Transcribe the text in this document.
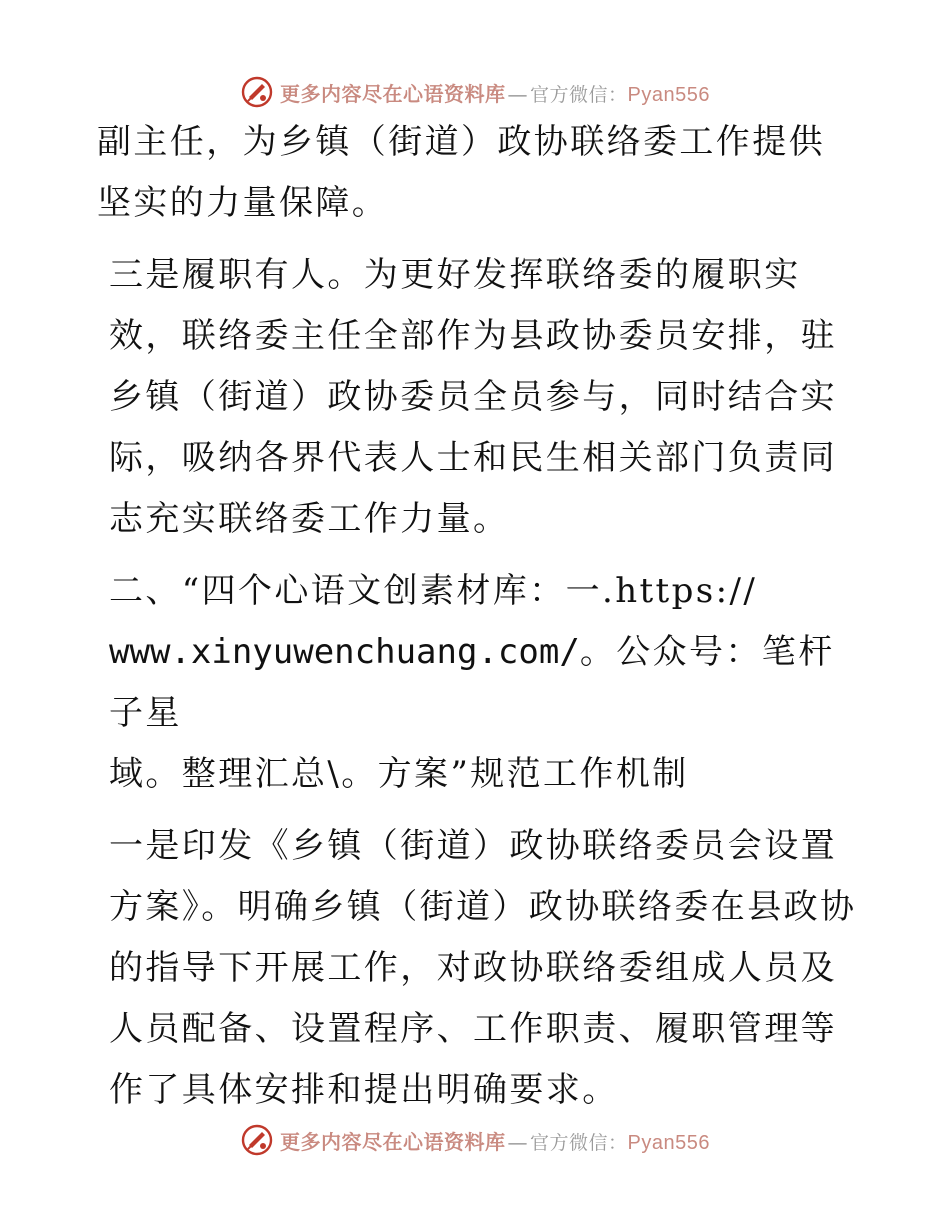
更多内容尽在心语资料库 — 官方微信： Pyan556

副主任，为乡镇（街道）政协联络委工作提供坚实的力量保障。

三是履职有人。为更好发挥联络委的履职实效，联络委主任全部作为县政协委员安排，驻乡镇（街道）政协委员全员参与，同时结合实际，吸纳各界代表人士和民生相关部门负责同志充实联络委工作力量。

二、“四个心语文创素材库：一.https://
www.xinyuwenchuang.com/。公众号：笔杆子星
域。整理汇总\。方案”规范工作机制

一是印发《乡镇（街道）政协联络委员会设置方案》。明确乡镇（街道）政协联络委在县政协的指导下开展工作，对政协联络委组成人员及人员配备、设置程序、工作职责、履职管理等作了具体安排和提出明确要求。

更多内容尽在心语资料库 — 官方微信： Pyan556
